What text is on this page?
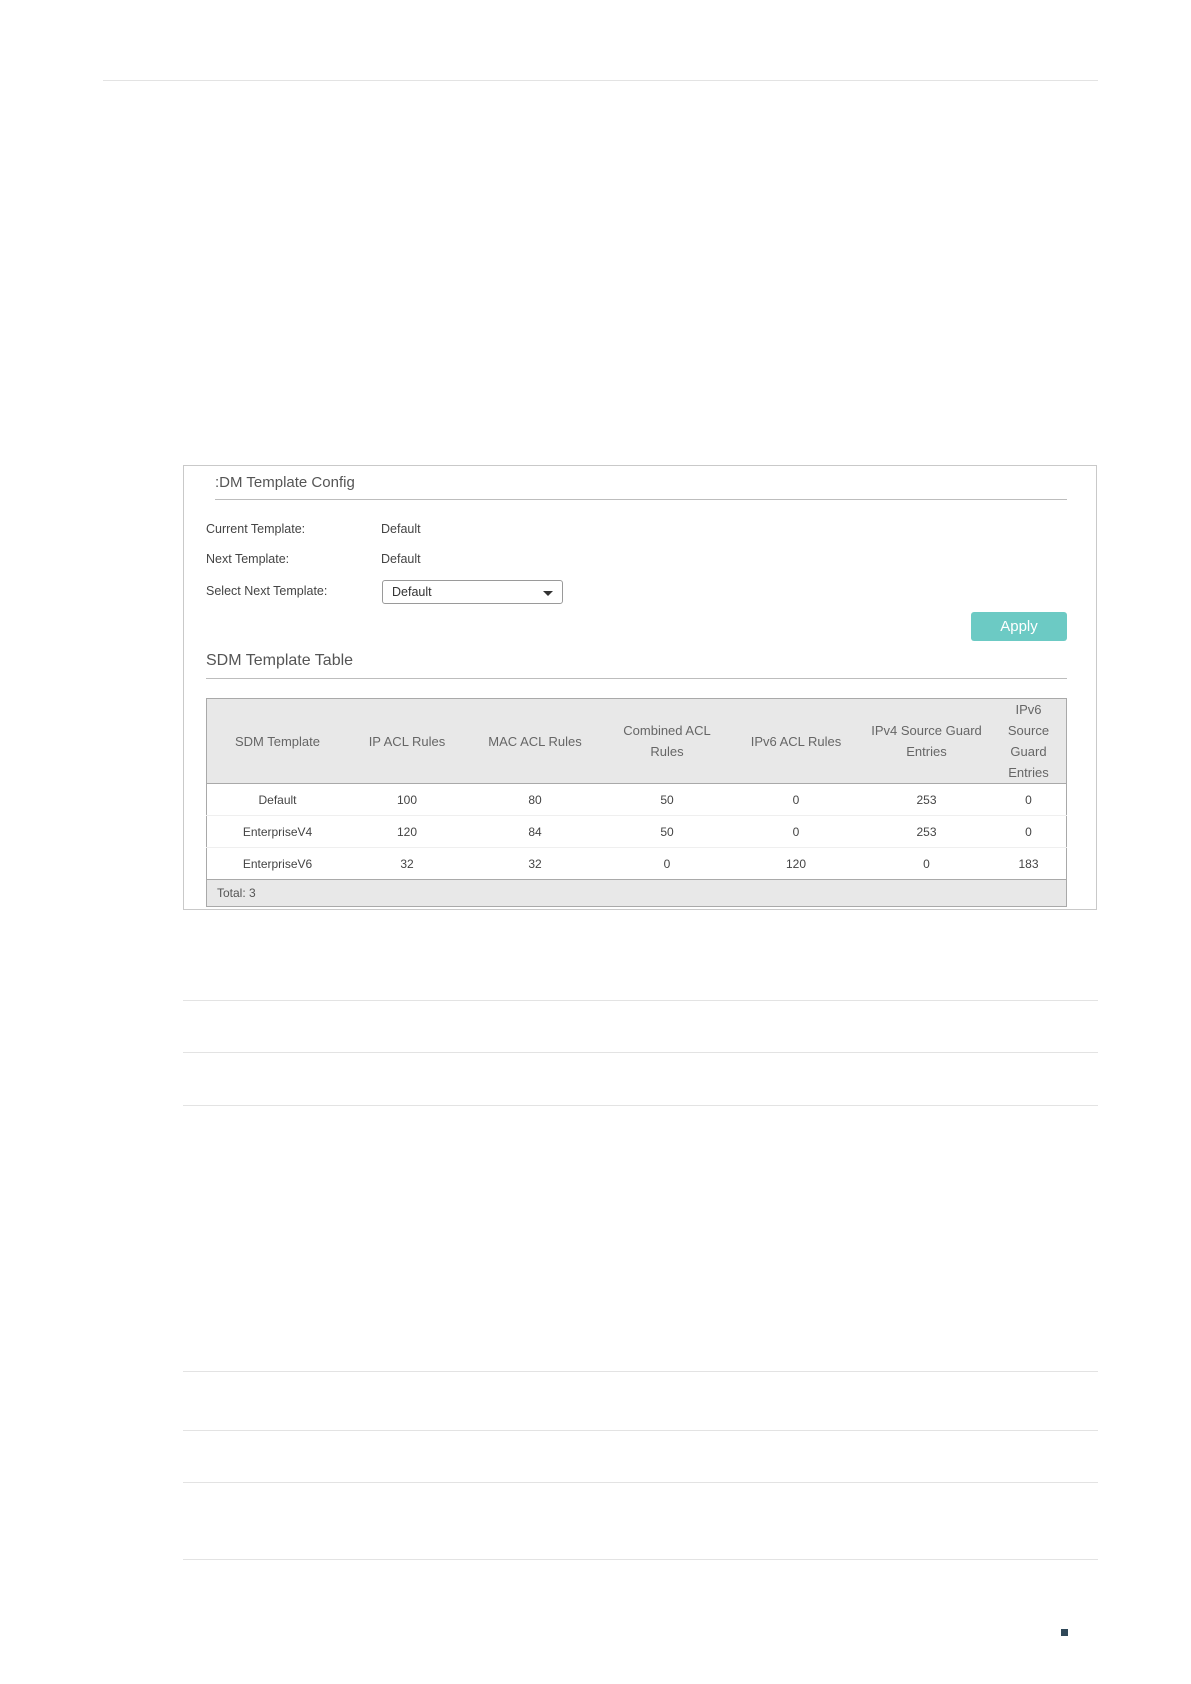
:DM Template Config
Current Template:	Default
Next Template:	Default
Select Next Template:	Default
Apply
SDM Template Table
SDM Template	IP ACL Rules	MAC ACL Rules	Combined ACL Rules	IPv6 ACL Rules	IPv4 Source Guard Entries	IPv6 Source Guard Entries
Default	100	80	50	0	253	0
EnterpriseV4	120	84	50	0	253	0
EnterpriseV6	32	32	0	120	0	183
Total: 3						
